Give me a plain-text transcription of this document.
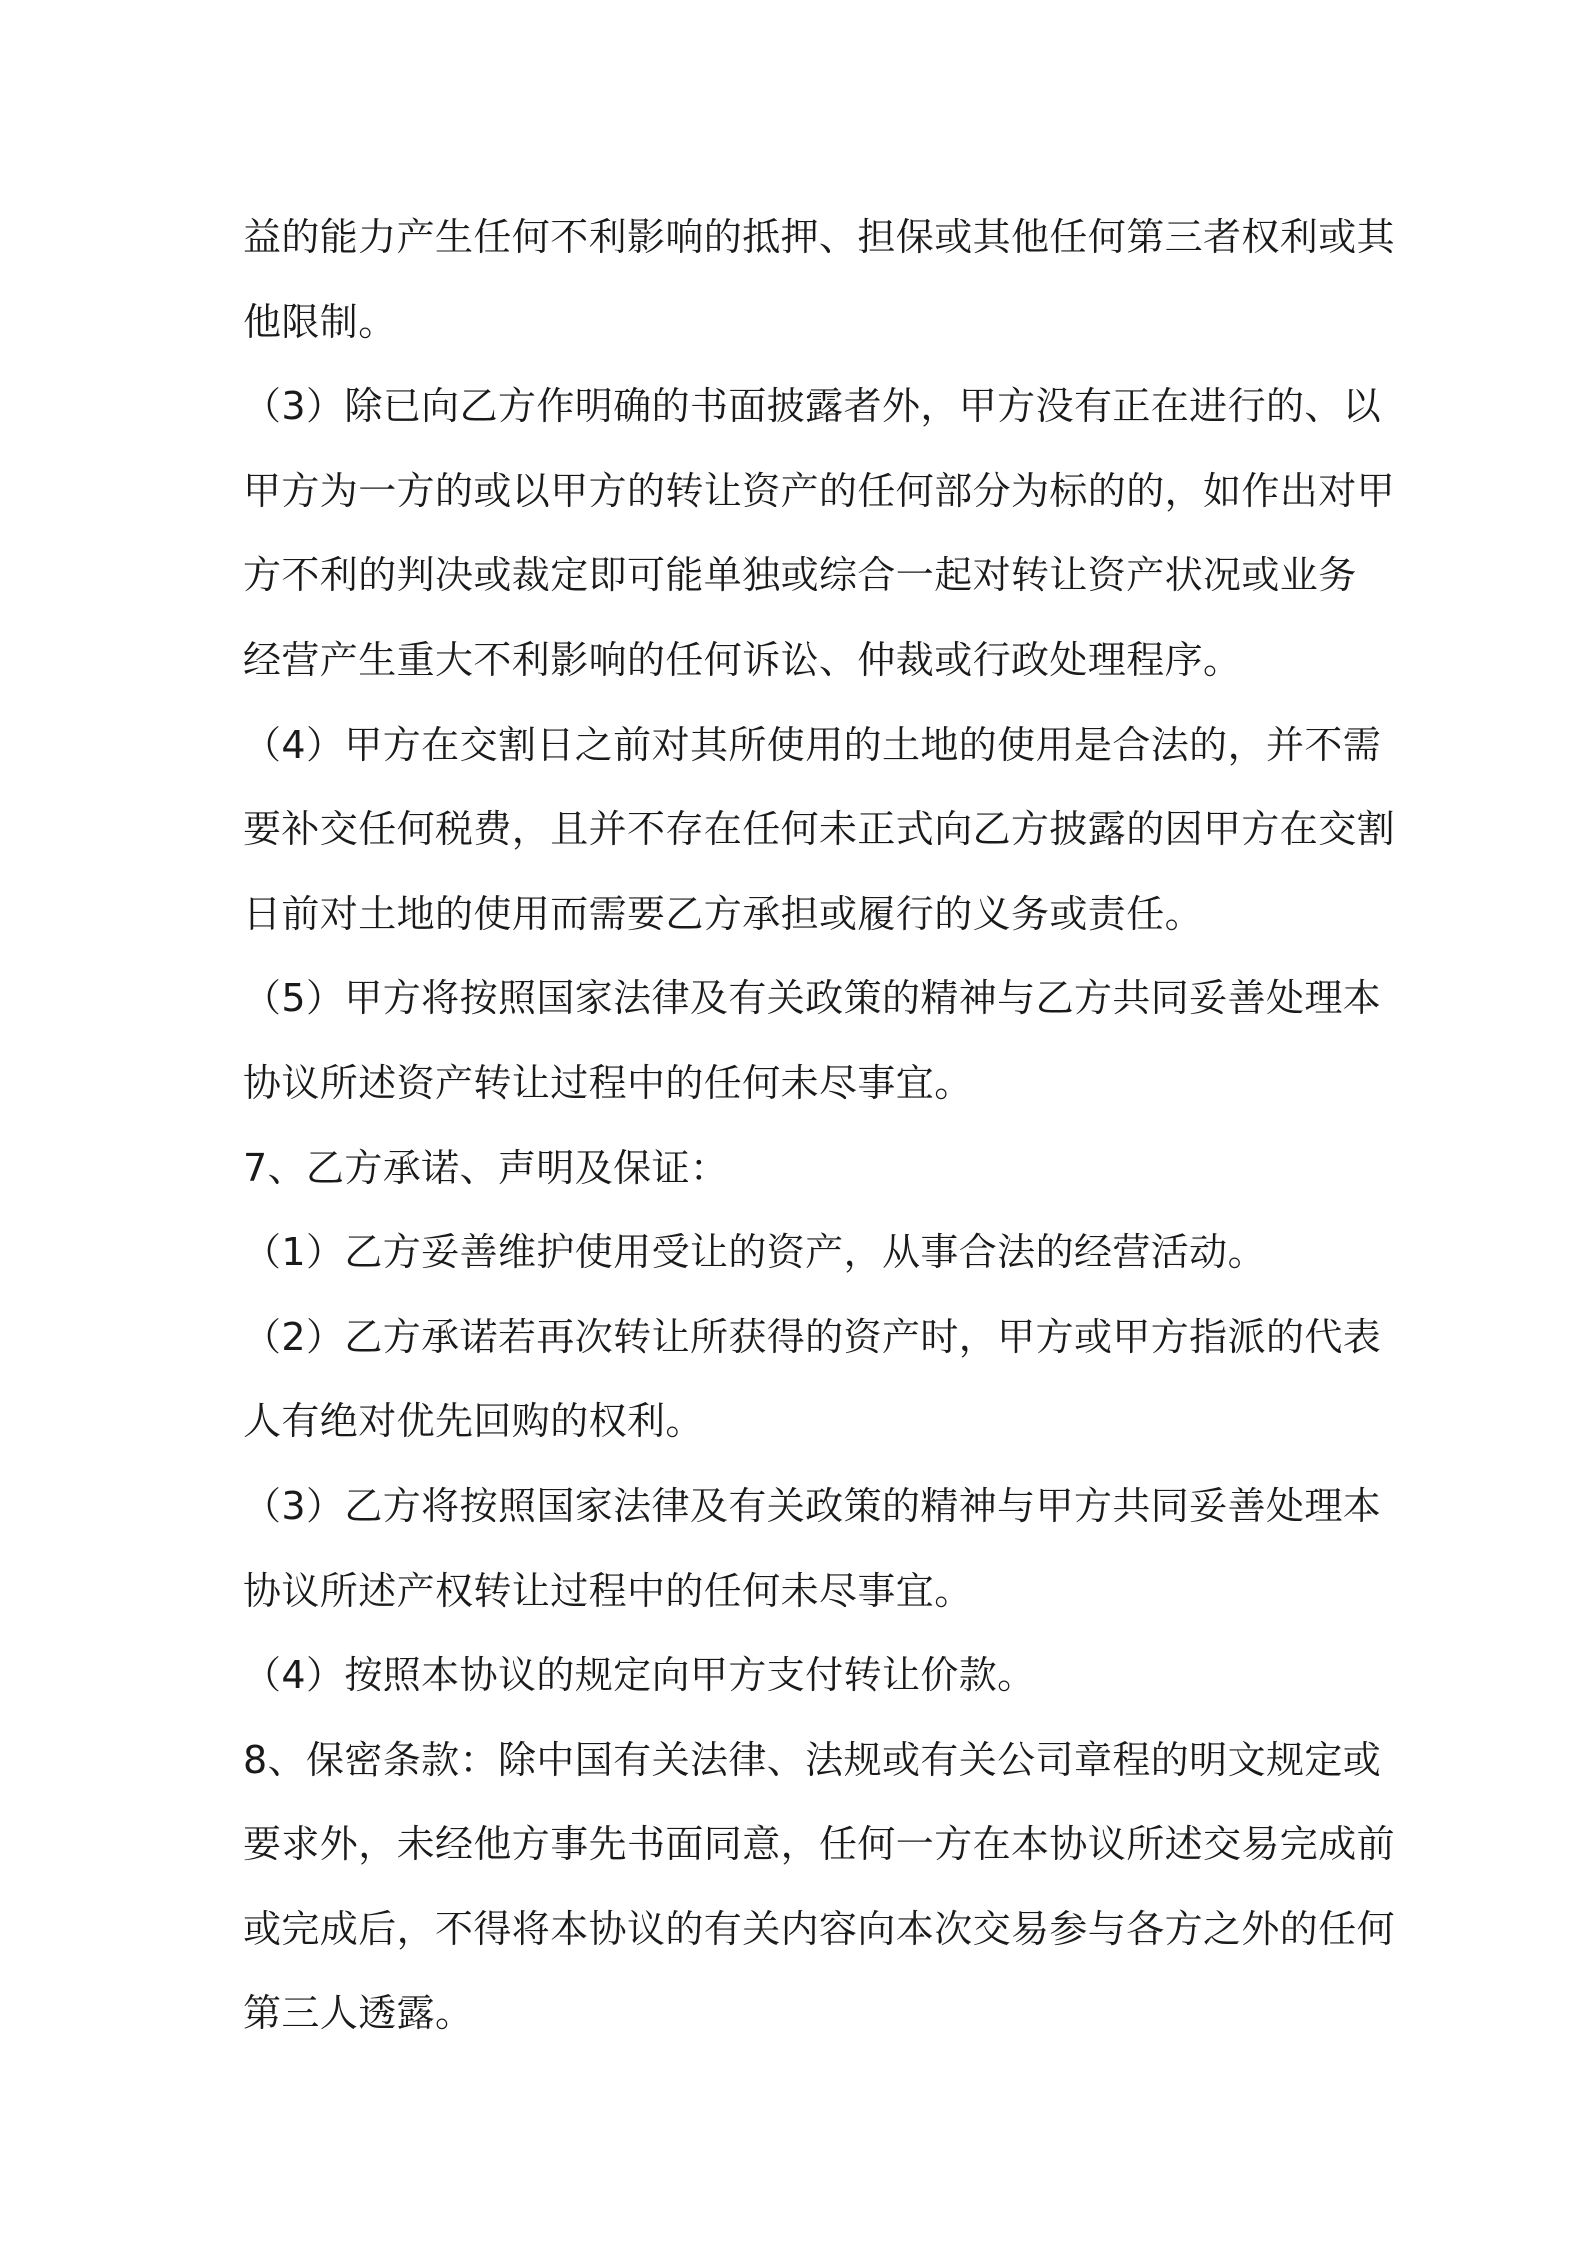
益的能力产生任何不利影响的抵押、担保或其他任何第三者权利或其
他限制。
（3）除已向乙方作明确的书面披露者外，甲方没有正在进行的、以
甲方为一方的或以甲方的转让资产的任何部分为标的的，如作出对甲
方不利的判决或裁定即可能单独或综合一起对转让资产状况或业务
经营产生重大不利影响的任何诉讼、仲裁或行政处理程序。
（4）甲方在交割日之前对其所使用的土地的使用是合法的，并不需
要补交任何税费，且并不存在任何未正式向乙方披露的因甲方在交割
日前对土地的使用而需要乙方承担或履行的义务或责任。
（5）甲方将按照国家法律及有关政策的精神与乙方共同妥善处理本
协议所述资产转让过程中的任何未尽事宜。
7、乙方承诺、声明及保证：
（1）乙方妥善维护使用受让的资产，从事合法的经营活动。
（2）乙方承诺若再次转让所获得的资产时，甲方或甲方指派的代表
人有绝对优先回购的权利。
（3）乙方将按照国家法律及有关政策的精神与甲方共同妥善处理本
协议所述产权转让过程中的任何未尽事宜。
（4）按照本协议的规定向甲方支付转让价款。
8、保密条款：除中国有关法律、法规或有关公司章程的明文规定或
要求外，未经他方事先书面同意，任何一方在本协议所述交易完成前
或完成后，不得将本协议的有关内容向本次交易参与各方之外的任何
第三人透露。
